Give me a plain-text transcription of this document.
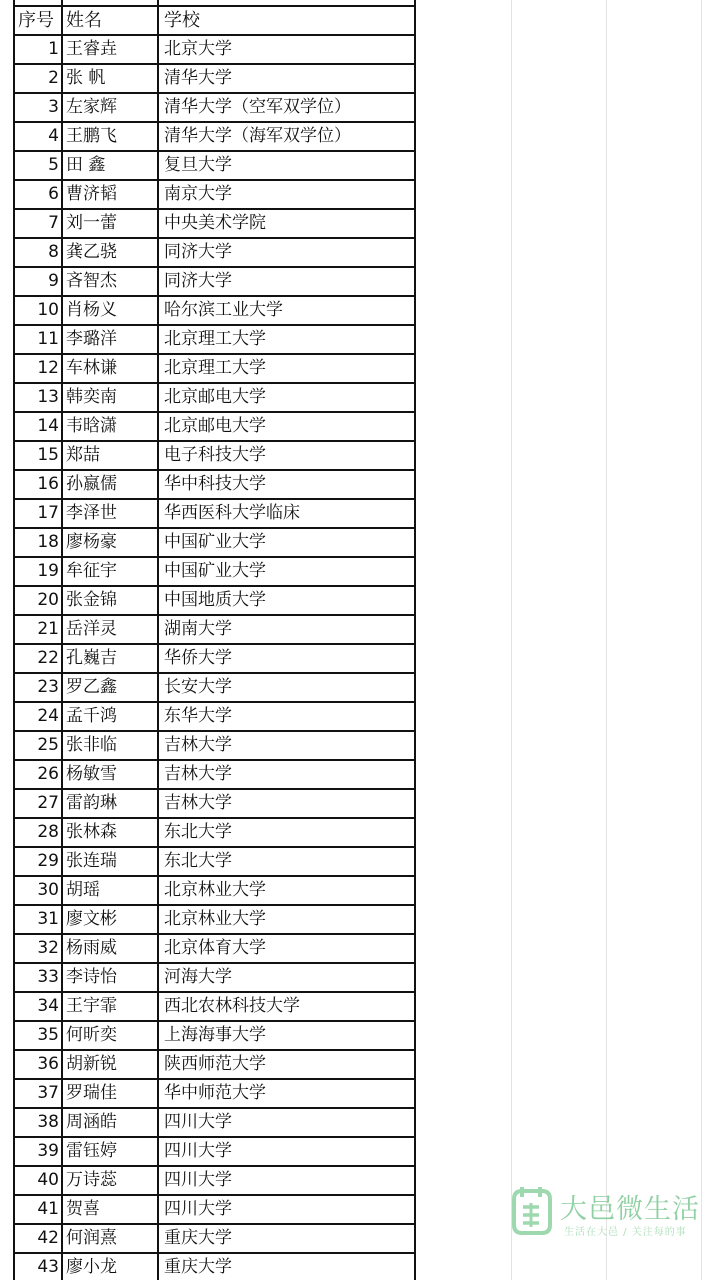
序号 姓名	学校
1 王睿垚	北京大学
2 张 帆	清华大学
3 左家辉	清华大学（空军双学位）
4 王鹏飞	清华大学（海军双学位）
5 田 鑫	复旦大学
6 曹济韬	南京大学
7 刘一蕾	中央美术学院
8 龚乙骁	同济大学
9 吝智杰	同济大学
10 肖杨义	哈尔滨工业大学
11 李璐洋	北京理工大学
12 车林谦	北京理工大学
13 韩奕南	北京邮电大学
14 韦晗潇	北京邮电大学
15 郑喆	电子科技大学
16 孙嬴儒	华中科技大学
17 李泽世	华西医科大学临床
18 廖杨豪	中国矿业大学
19 牟征宇	中国矿业大学
20 张金锦	中国地质大学
21 岳洋灵	湖南大学
22 孔巍吉	华侨大学
23 罗乙鑫	长安大学
24 孟千鸿	东华大学
25 张非临	吉林大学
26 杨敏雪	吉林大学
27 雷韵琳	吉林大学
28 张林森	东北大学
29 张连瑞	东北大学
30 胡瑶	北京林业大学
31 廖文彬	北京林业大学
32 杨雨威	北京体育大学
33 李诗怡	河海大学
34 王宇霏	西北农林科技大学
35 何昕奕	上海海事大学
36 胡新锐	陕西师范大学
37 罗瑞佳	华中师范大学
38 周涵皓	四川大学
39 雷钰婷	四川大学
40 万诗蕊	四川大学
41 贺喜	四川大学
42 何润熹	重庆大学
43 廖小龙	重庆大学
大邑微生活
生活在大邑 / 关注每的事
